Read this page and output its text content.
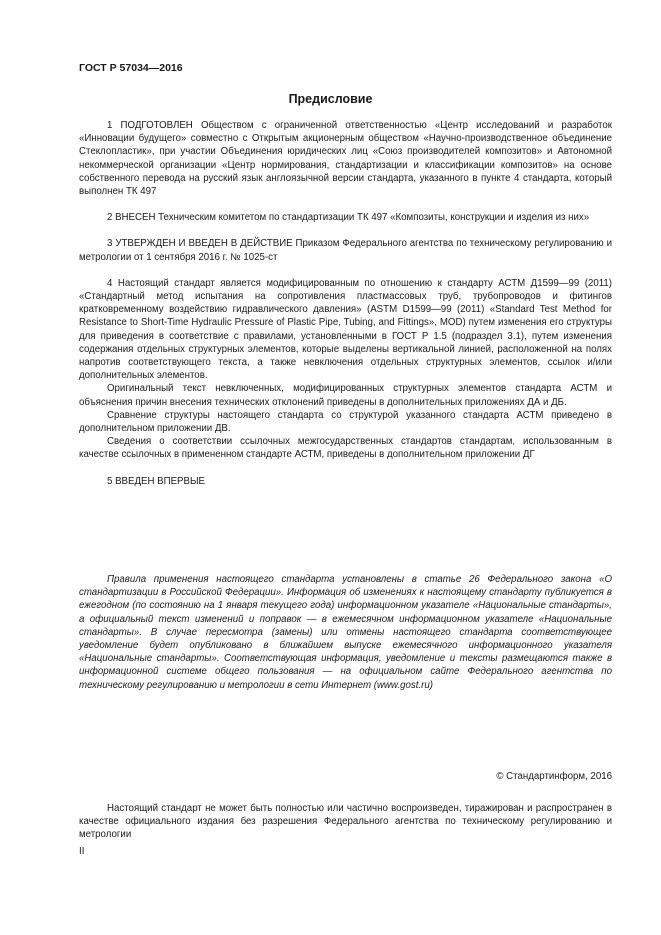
ГОСТ Р 57034—2016
Предисловие

1 ПОДГОТОВЛЕН Обществом с ограниченной ответственностью «Центр исследований и разработок «Инновации будущего» совместно с Открытым акционерным обществом «Научно-производственное объединение Стеклопластик», при участии Объединения юридических лиц «Союз производителей композитов» и Автономной некоммерческой организации «Центр нормирования, стандартизации и классификации композитов» на основе собственного перевода на русский язык англоязычной версии стандарта, указанного в пункте 4 стандарта, который выполнен ТК 497

2 ВНЕСЕН Техническим комитетом по стандартизации ТК 497 «Композиты, конструкции и изделия из них»

3 УТВЕРЖДЕН И ВВЕДЕН В ДЕЙСТВИЕ Приказом Федерального агентства по техническому регулированию и метрологии от 1 сентября 2016 г. № 1025-ст

4 Настоящий стандарт является модифицированным по отношению к стандарту АСТМ Д1599—99 (2011) «Стандартный метод испытания на сопротивления пластмассовых труб, трубопроводов и фитингов кратковременному воздействию гидравлического давления» (ASTM D1599—99 (2011) «Standard Test Method for Resistance to Short-Time Hydraulic Pressure of Plastic Pipe, Tubing, and Fittings», MOD) путем изменения его структуры для приведения в соответствие с правилами, установленными в ГОСТ Р 1.5 (подраздел 3.1), путем изменения содержания отдельных структурных элементов, которые выделены вертикальной линией, расположенной на полях напротив соответствующего текста, а также невключения отдельных структурных элементов, ссылок и/или дополнительных элементов.

Оригинальный текст невключенных, модифицированных структурных элементов стандарта АСТМ и объяснения причин внесения технических отклонений приведены в дополнительных приложениях ДА и ДБ.

Сравнение структуры настоящего стандарта со структурой указанного стандарта АСТМ приведено в дополнительном приложении ДВ.

Сведения о соответствии ссылочных межгосударственных стандартов стандартам, использованным в качестве ссылочных в примененном стандарте АСТМ, приведены в дополнительном приложении ДГ

5 ВВЕДЕН ВПЕРВЫЕ

Правила применения настоящего стандарта установлены в статье 26 Федерального закона «О стандартизации в Российской Федерации». Информация об изменениях к настоящему стандарту публикуется в ежегодном (по состоянию на 1 января текущего года) информационном указателе «Национальные стандарты», а официальный текст изменений и поправок — в ежемесячном информационном указателе «Национальные стандарты». В случае пересмотра (замены) или отмены настоящего стандарта соответствующее уведомление будет опубликовано в ближайшем выпуске ежемесячного информационного указателя «Национальные стандарты». Соответствующая информация, уведомление и тексты размещаются также в информационной системе общего пользования — на официальном сайте Федерального агентства по техническому регулированию и метрологии в сети Интернет (www.gost.ru)

© Стандартинформ, 2016

Настоящий стандарт не может быть полностью или частично воспроизведен, тиражирован и распространен в качестве официального издания без разрешения Федерального агентства по техническому регулированию и метрологии

II
